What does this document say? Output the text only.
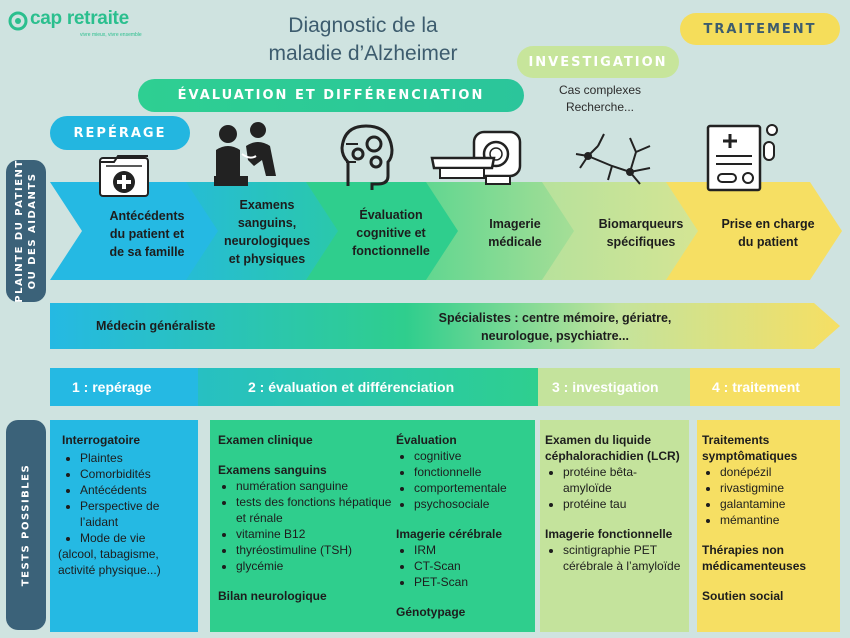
cap retraite
vivre mieux, vivre ensemble	Diagnostic de la
maladie d’Alzheimer
TRAITEMENT
INVESTIGATION
Cas complexes
Recherche...
ÉVALUATION ET DIFFÉRENCIATION
REPÉRAGE
PLAINTE DU PATIENT OU DES AIDANTS
TESTS POSSIBLES
Antécédents
du patient et
de sa famille
Examens
sanguins,
neurologiques
et physiques
Évaluation
cognitive et
fonctionnelle
Imagerie
médicale
Biomarqueurs
spécifiques
Prise en charge
du patient
Médecin généraliste
Spécialistes : centre mémoire, gériatre,
neurologue, psychiatre...
1 : repérage	2 : évaluation et différenciation	3 : investigation	4 : traitement
Interrogatoire
• Plaintes
• Comorbidités
• Antécédents
• Perspective de l’aidant
• Mode de vie
(alcool, tabagisme, activité physique...)
Examen clinique
Examens sanguins
• numération sanguine
• tests des fonctions hépatique et rénale
• vitamine B12
• thyréostimuline (TSH)
• glycémie
Bilan neurologique
Évaluation
• cognitive
• fonctionnelle
• comportementale
• psychosociale
Imagerie cérébrale
• IRM
• CT-Scan
• PET-Scan
Génotypage
Examen du liquide céphalorachidien (LCR)
• protéine bêta-amyloïde
• protéine tau
Imagerie fonctionnelle
• scintigraphie PET cérébrale à l’amyloïde
Traitements symptômatiques
• donépézil
• rivastigmine
• galantamine
• mémantine
Thérapies non médicamenteuses
Soutien social
